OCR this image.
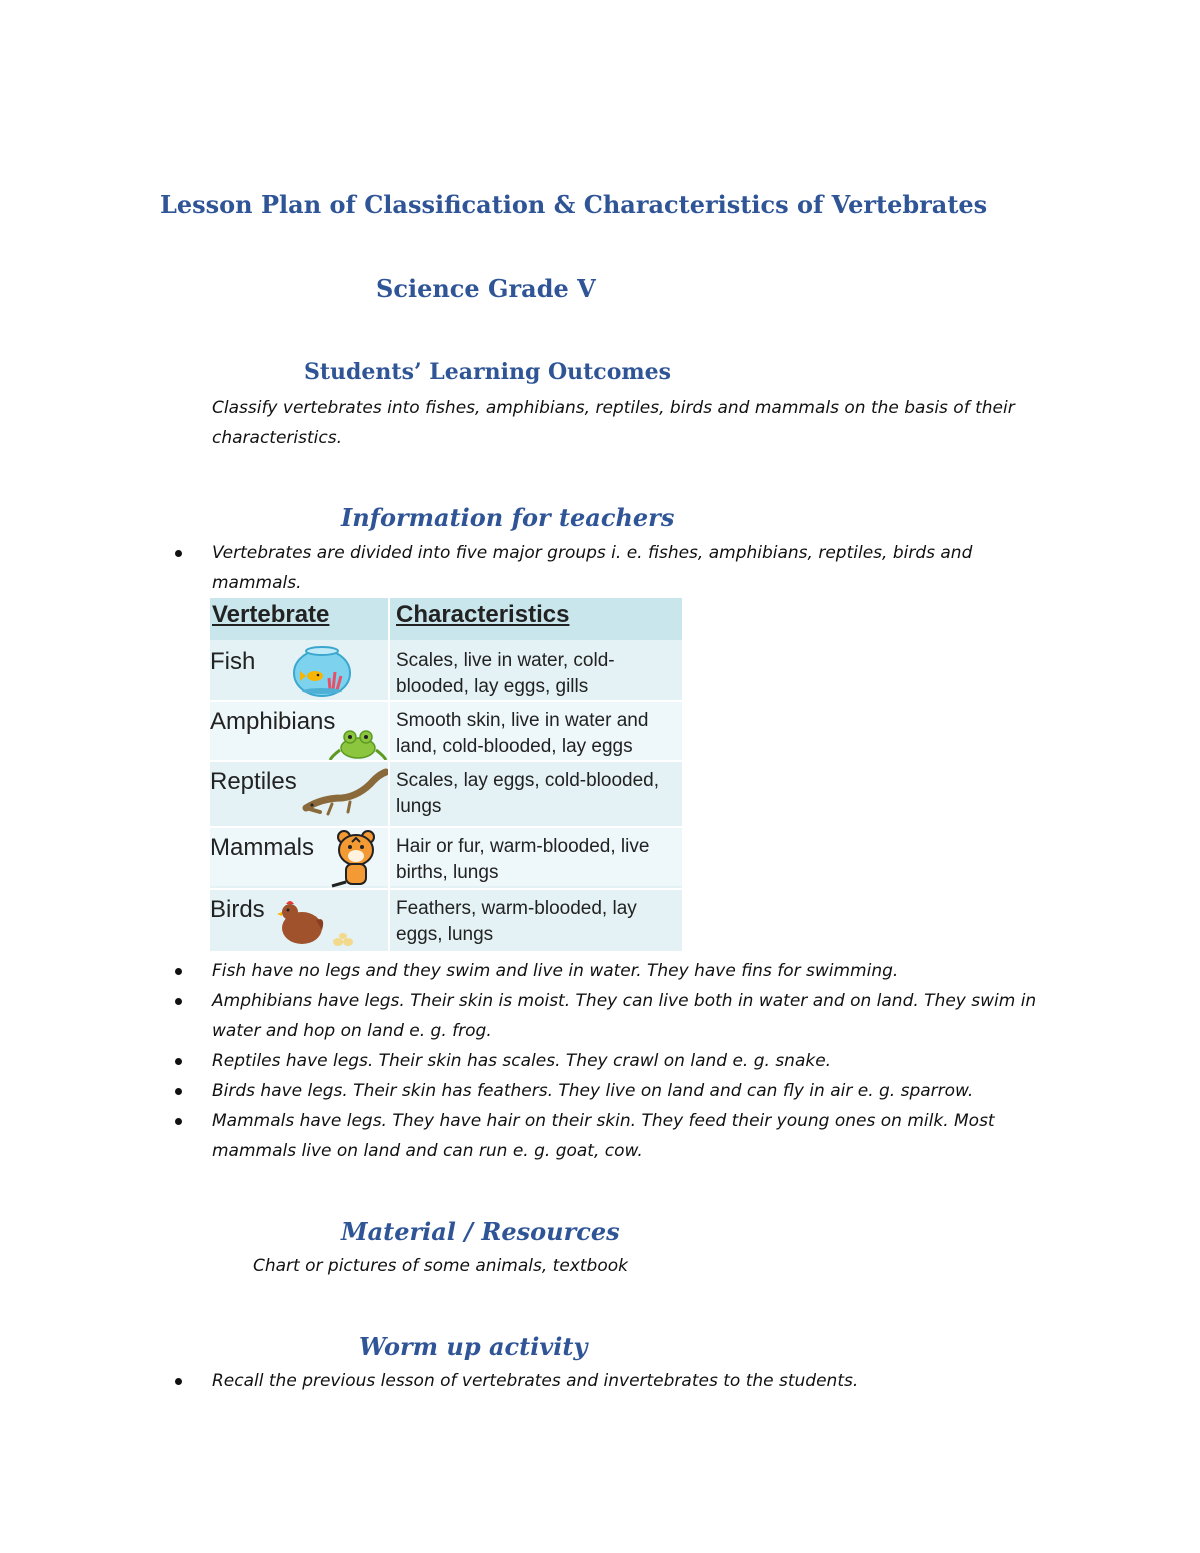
Lesson Plan of Classification & Characteristics of Vertebrates
Science Grade V
Students’ Learning Outcomes
Classify vertebrates into fishes, amphibians, reptiles, birds and mammals on the basis of their
characteristics.
Information for teachers
Vertebrates are divided into five major groups i. e. fishes, amphibians, reptiles, birds and mammals.
Vertebrate	Characteristics
Fish	Scales, live in water, cold-
blooded, lay eggs, gills
Amphibians	Smooth skin, live in water and
land, cold-blooded, lay eggs
Reptiles	Scales, lay eggs, cold-blooded,
lungs
Mammals	Hair or fur, warm-blooded, live
births, lungs
Birds	Feathers, warm-blooded, lay
eggs, lungs
Fish have no legs and they swim and live in water. They have fins for swimming.
Amphibians have legs. Their skin is moist. They can live both in water and on land. They swim in water and hop on land e. g. frog.
Reptiles have legs. Their skin has scales. They crawl on land e. g. snake.
Birds have legs. Their skin has feathers. They live on land and can fly in air e. g. sparrow.
Mammals have legs. They have hair on their skin. They feed their young ones on milk. Most mammals live on land and can run e. g. goat, cow.
Material / Resources
Chart or pictures of some animals, textbook
Worm up activity
Recall the previous lesson of vertebrates and invertebrates to the students.
